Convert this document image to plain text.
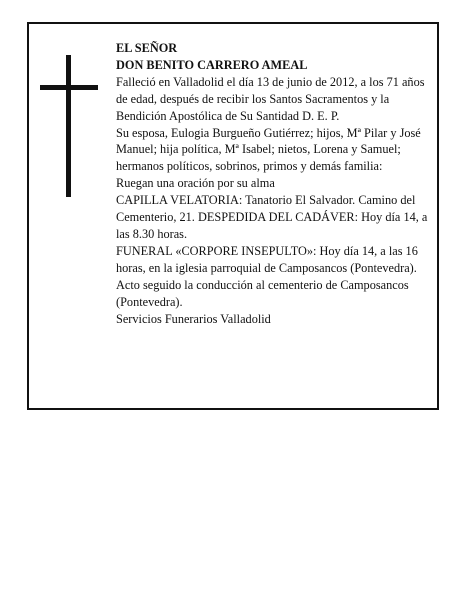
EL SEÑOR

DON BENITO CARRERO AMEAL

Falleció en Valladolid el día 13 de junio de 2012, a los 71 años de edad, después de recibir los Santos Sacramentos y la Bendición Apostólica de Su Santidad D. E. P.

Su esposa, Eulogia Burgueño Gutiérrez; hijos, Mª Pilar y José Manuel; hija política, Mª Isabel; nietos, Lorena y Samuel; hermanos políticos, sobrinos, primos y demás familia:

Ruegan una oración por su alma

CAPILLA VELATORIA: Tanatorio El Salvador. Camino del Cementerio, 21. DESPEDIDA DEL CADÁVER: Hoy día 14, a las 8.30 horas.

FUNERAL «CORPORE INSEPULTO»: Hoy día 14, a las 16 horas, en la iglesia parroquial de Camposancos (Pontevedra). Acto seguido la conducción al cementerio de Camposancos (Pontevedra).

Servicios Funerarios Valladolid
